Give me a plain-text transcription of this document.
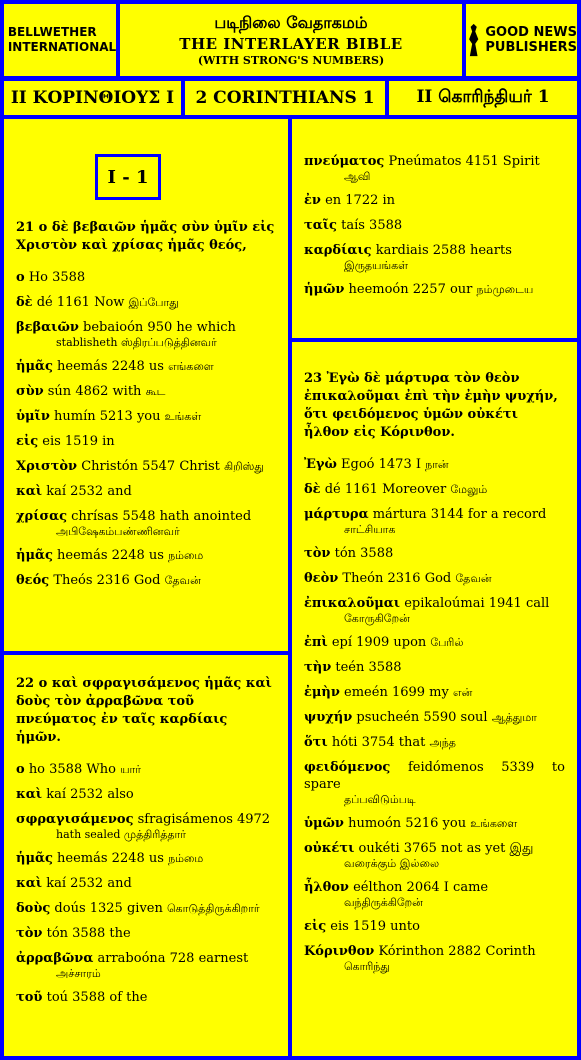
BELLWETHER
INTERNATIONAL
படிநிலை வேதாகமம்
THE INTERLAYER BIBLE
(WITH STRONG'S NUMBERS)
GOOD NEWS
PUBLISHERS
II ΚΟΡΙΝΘΙΟΥΣ Ι 2 CORINTHIANS 1 II கொரிந்தியர் 1
I - 1
21 ο δὲ βεβαιῶν ἡμᾶς σὺν ὑμῖν εἰς Χριστὸν καὶ χρίσας ἡμᾶς θεός,
ο Ho 3588
δὲ dé 1161 Now இப்போது
βεβαιῶν bebaioón 950 he which
stablisheth ஸ்திரப்படுத்தினவர்
ἡμᾶς heemás 2248 us எங்களை
σὺν sún 4862 with கூட
ὑμῖν humín 5213 you உங்கள்
εἰς eis 1519 in
Χριστὸν Christón 5547 Christ கிறிஸ்து
καὶ kaí 2532 and
χρίσας chrísas 5548 hath anointed
அபிஷேகம்பண்ணினவர்
ἡμᾶς heemás 2248 us நம்மை
θεός Theós 2316 God தேவன்
22 ο καὶ σφραγισάμενος ἡμᾶς καὶ δοὺς τὸν ἀρραβῶνα τοῦ πνεύματος ἐν ταῖς καρδίαις ἡμῶν.
ο ho 3588 Who யார்
καὶ kaí 2532 also
σφραγισάμενος sfragisámenos 4972
hath sealed முத்திரித்தார்
ἡμᾶς heemás 2248 us நம்மை
καὶ kaí 2532 and
δοὺς doús 1325 given கொடுத்திருக்கிறார்
τὸν tón 3588 the
ἀρραβῶνα arraboóna 728 earnest
அச்சாரம்
τοῦ toú 3588 of the
πνεύματος Pneúmatos 4151 Spirit
ஆவி
ἐν en 1722 in
ταῖς taís 3588
καρδίαις kardiais 2588 hearts
இருதயங்கள்
ἡμῶν heemoón 2257 our நம்முடைய
23 Ἐγὼ δὲ μάρτυρα τὸν θεὸν ἐπικαλοῦμαι ἐπὶ τὴν ἐμὴν ψυχήν, ὅτι φειδόμενος ὑμῶν οὐκέτι ἦλθον εἰς Κόρινθον.
Ἐγὼ Egoó 1473 I நான்
δὲ dé 1161 Moreover மேலும்
μάρτυρα mártura 3144 for a record
சாட்சியாக
τὸν tón 3588
θεὸν Theón 2316 God தேவன்
ἐπικαλοῦμαι epikaloúmai 1941 call
கோருகிறேன்
ἐπὶ epí 1909 upon பேரில்
τὴν teén 3588
ἐμὴν emeén 1699 my என்
ψυχήν psucheén 5590 soul ஆத்துமா
ὅτι hóti 3754 that அந்த
φειδόμενος feidómenos 5339 to spare
தப்பவிடும்படி
ὑμῶν humoón 5216 you உங்களை
οὐκέτι oukéti 3765 not as yet இது
வரைக்கும் இல்லை
ἦλθον eélthon 2064 I came
வந்திருக்கிறேன்
εἰς eis 1519 unto
Κόρινθον Kórinthon 2882 Corinth
கொரிந்து
